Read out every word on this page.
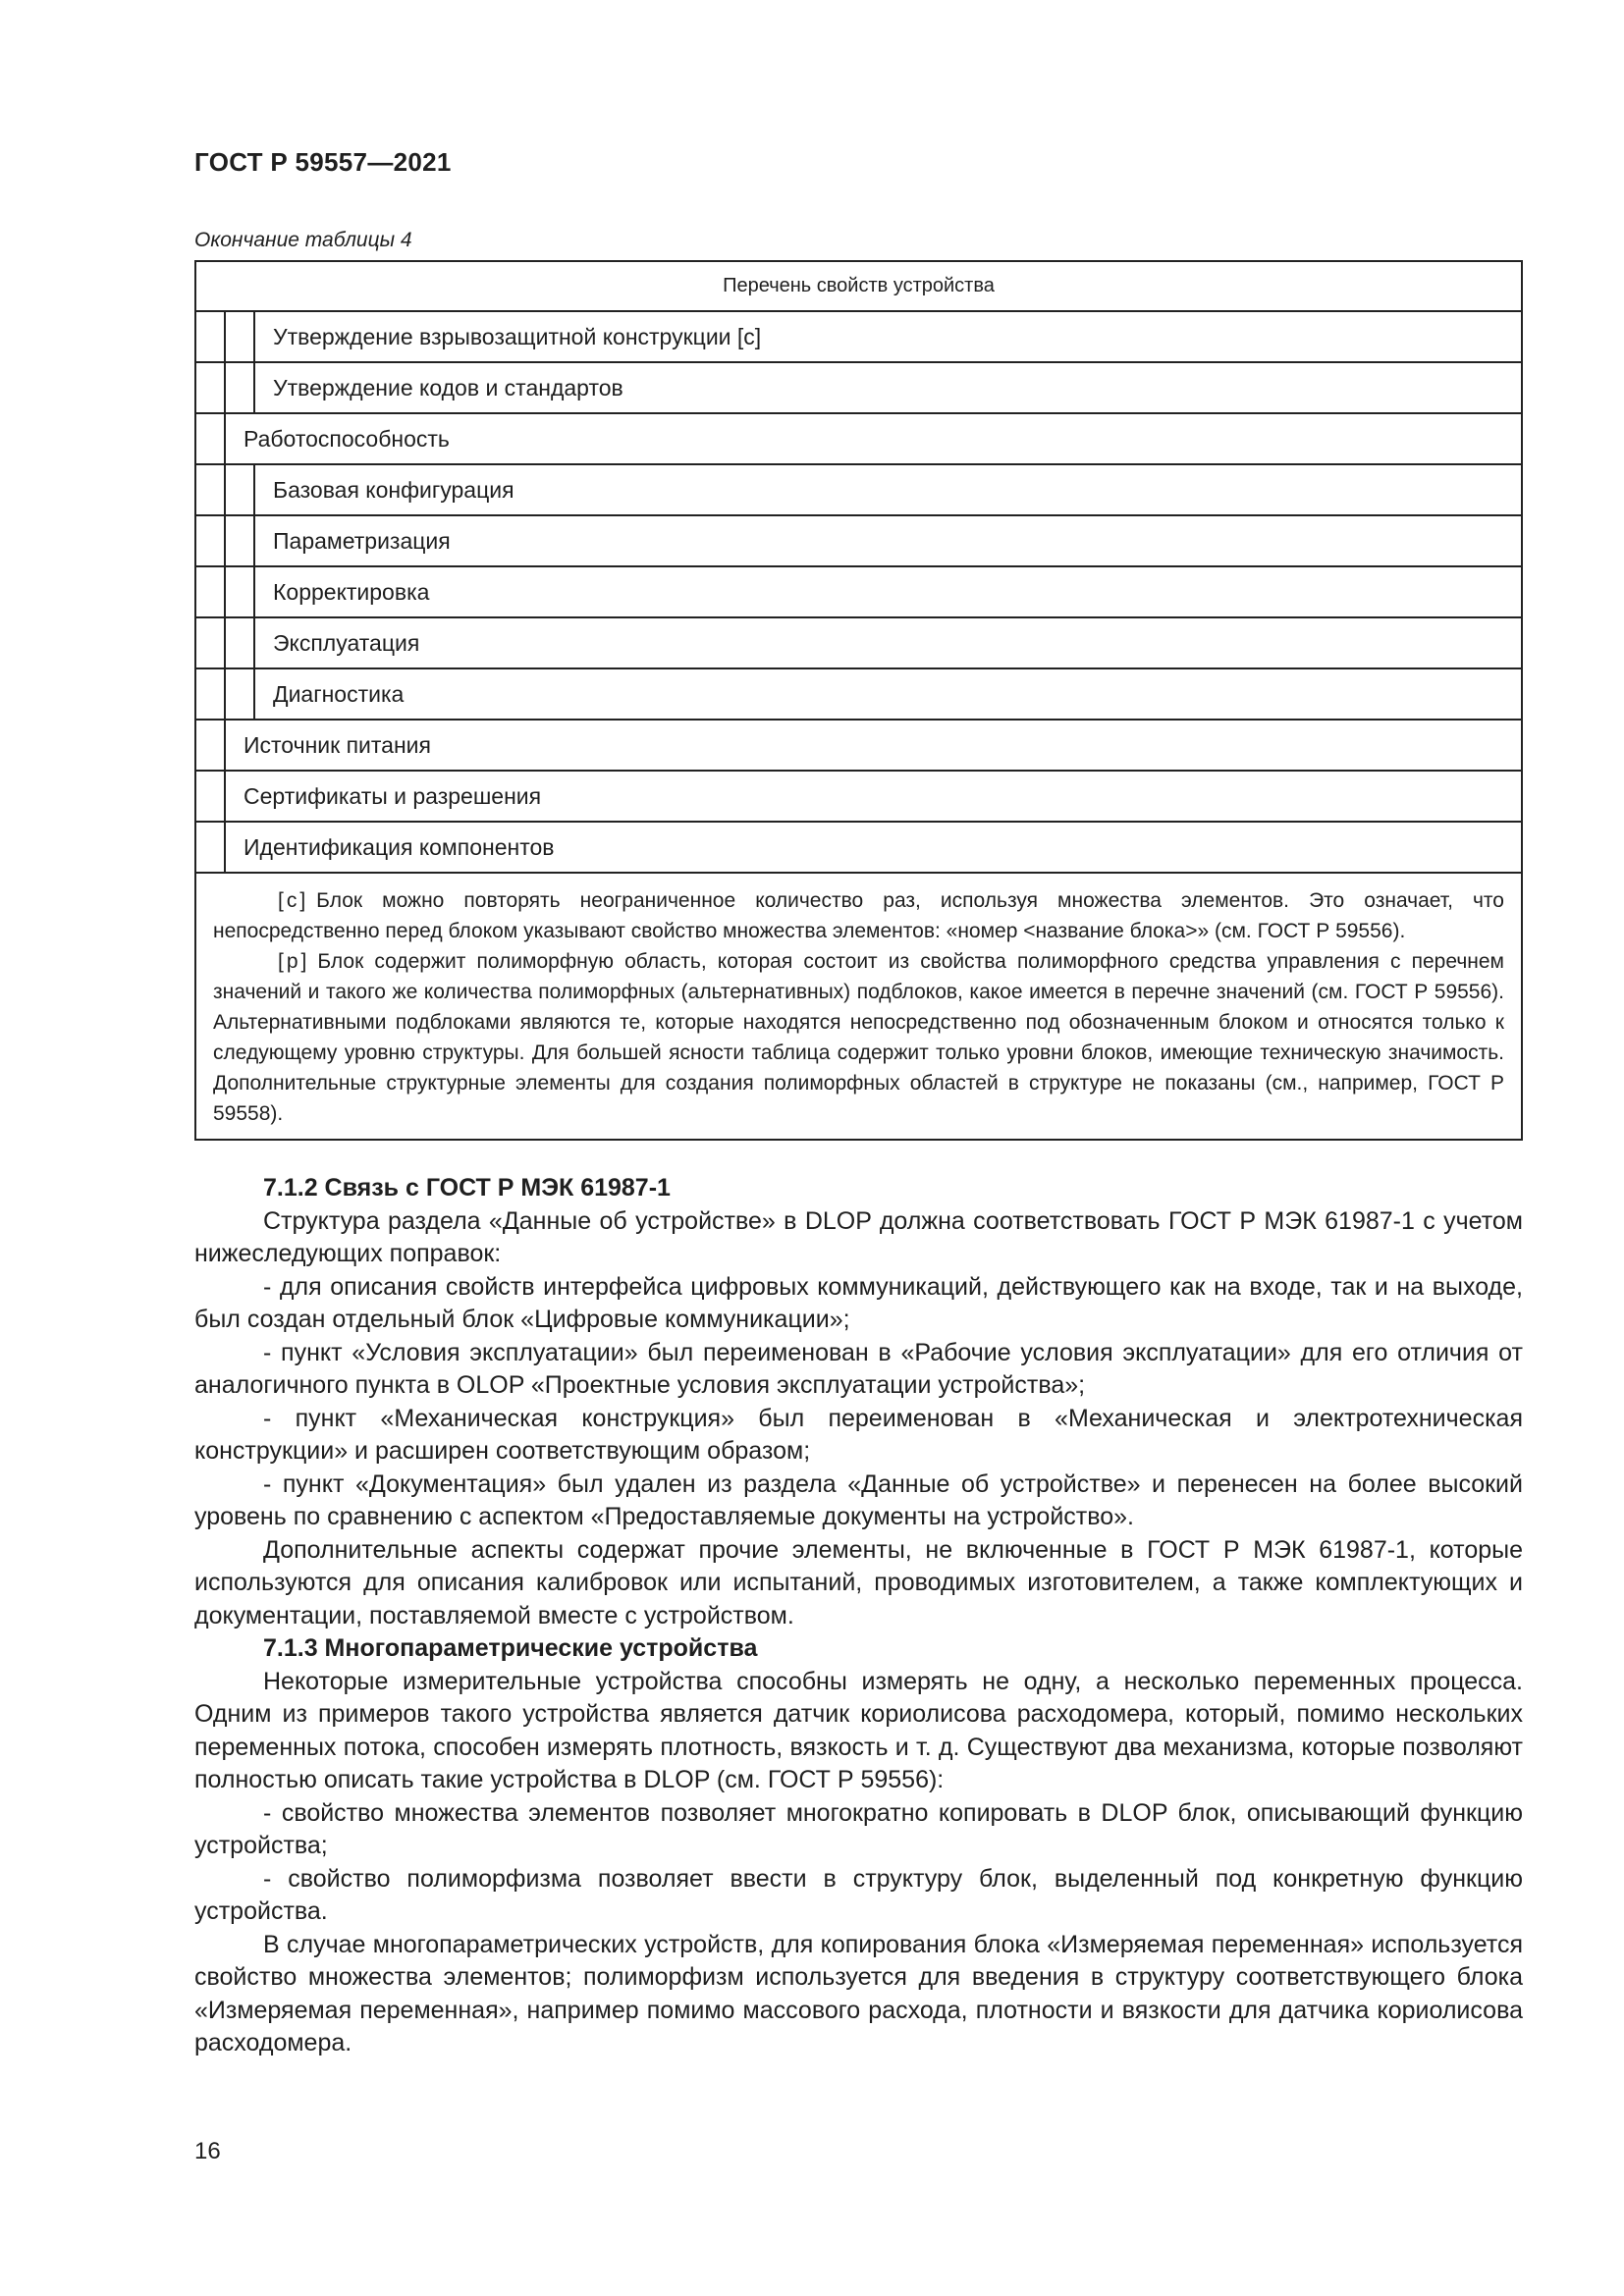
ГОСТ Р 59557—2021
Окончание таблицы 4
Перечень свойств устройства
Утверждение взрывозащитной конструкции [c]
Утверждение кодов и стандартов
Работоспособность
Базовая конфигурация
Параметризация
Корректировка
Эксплуатация
Диагностика
Источник питания
Сертификаты и разрешения
Идентификация компонентов

[c] Блок можно повторять неограниченное количество раз, используя множества элементов. Это означает, что непосредственно перед блоком указывают свойство множества элементов: «номер <название блока>» (см. ГОСТ Р 59556).

[p] Блок содержит полиморфную область, которая состоит из свойства полиморфного средства управления с перечнем значений и такого же количества полиморфных (альтернативных) подблоков, какое имеется в перечне значений (см. ГОСТ Р 59556). Альтернативными подблоками являются те, которые находятся непосредственно под обозначенным блоком и относятся только к следующему уровню структуры. Для большей ясности таблица содержит только уровни блоков, имеющие техническую значимость. Дополнительные структурные элементы для создания полиморфных областей в структуре не показаны (см., например, ГОСТ Р 59558).

7.1.2 Связь с ГОСТ Р МЭК 61987-1

Структура раздела «Данные об устройстве» в DLOP должна соответствовать ГОСТ Р МЭК 61987-1 с учетом нижеследующих поправок:

- для описания свойств интерфейса цифровых коммуникаций, действующего как на входе, так и на выходе, был создан отдельный блок «Цифровые коммуникации»;

- пункт «Условия эксплуатации» был переименован в «Рабочие условия эксплуатации» для его отличия от аналогичного пункта в OLOP «Проектные условия эксплуатации устройства»;

- пункт «Механическая конструкция» был переименован в «Механическая и электротехническая конструкции» и расширен соответствующим образом;

- пункт «Документация» был удален из раздела «Данные об устройстве» и перенесен на более высокий уровень по сравнению с аспектом «Предоставляемые документы на устройство».

Дополнительные аспекты содержат прочие элементы, не включенные в ГОСТ Р МЭК 61987-1, которые используются для описания калибровок или испытаний, проводимых изготовителем, а также комплектующих и документации, поставляемой вместе с устройством.

7.1.3 Многопараметрические устройства

Некоторые измерительные устройства способны измерять не одну, а несколько переменных процесса. Одним из примеров такого устройства является датчик кориолисова расходомера, который, помимо нескольких переменных потока, способен измерять плотность, вязкость и т. д. Существуют два механизма, которые позволяют полностью описать такие устройства в DLOP (см. ГОСТ Р 59556):

- свойство множества элементов позволяет многократно копировать в DLOP блок, описывающий функцию устройства;

- свойство полиморфизма позволяет ввести в структуру блок, выделенный под конкретную функцию устройства.

В случае многопараметрических устройств, для копирования блока «Измеряемая переменная» используется свойство множества элементов; полиморфизм используется для введения в структуру соответствующего блока «Измеряемая переменная», например помимо массового расхода, плотности и вязкости для датчика кориолисова расходомера.

16
